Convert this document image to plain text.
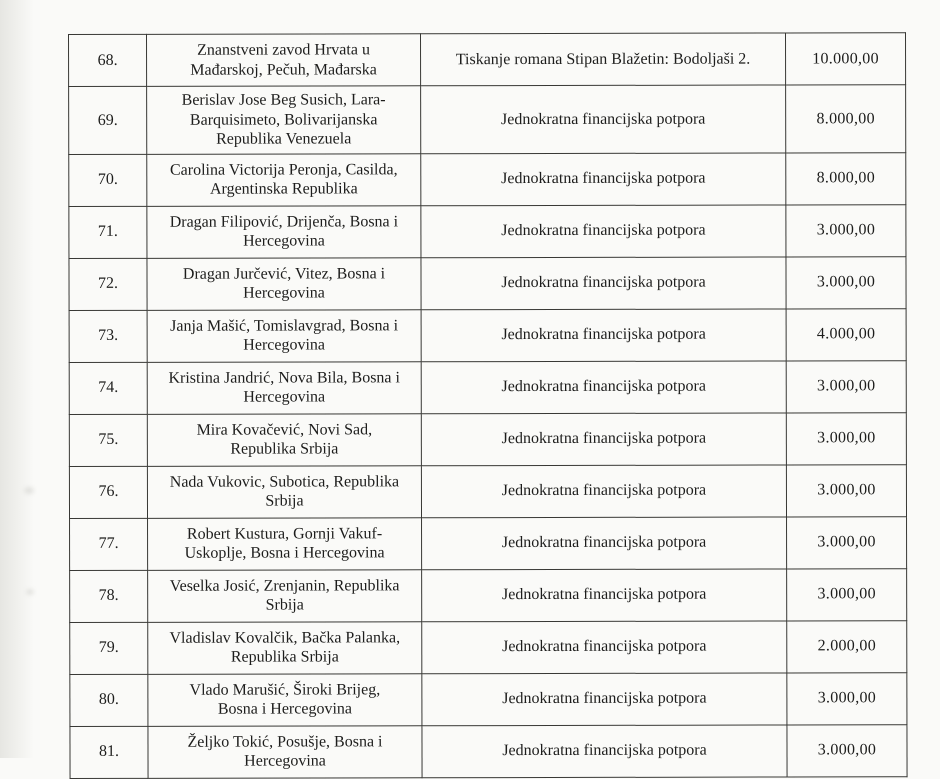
68.	Znanstveni zavod Hrvata u
Mađarskoj, Pečuh, Mađarska	Tiskanje romana Stipan Blažetin: Bodoljaši 2.	10.000,00
69.	Berislav Jose Beg Susich, Lara-
Barquisimeto, Bolivarijanska
Republika Venezuela	Jednokratna financijska potpora	8.000,00
70.	Carolina Victorija Peronja, Casilda,
Argentinska Republika	Jednokratna financijska potpora	8.000,00
71.	Dragan Filipović, Drijenča, Bosna i
Hercegovina	Jednokratna financijska potpora	3.000,00
72.	Dragan Jurčević, Vitez, Bosna i
Hercegovina	Jednokratna financijska potpora	3.000,00
73.	Janja Mašić, Tomislavgrad, Bosna i
Hercegovina	Jednokratna financijska potpora	4.000,00
74.	Kristina Jandrić, Nova Bila, Bosna i
Hercegovina	Jednokratna financijska potpora	3.000,00
75.	Mira Kovačević, Novi Sad,
Republika Srbija	Jednokratna financijska potpora	3.000,00
76.	Nada Vukovic, Subotica, Republika
Srbija	Jednokratna financijska potpora	3.000,00
77.	Robert Kustura, Gornji Vakuf-
Uskoplje, Bosna i Hercegovina	Jednokratna financijska potpora	3.000,00
78.	Veselka Josić, Zrenjanin, Republika
Srbija	Jednokratna financijska potpora	3.000,00
79.	Vladislav Kovalčik, Bačka Palanka,
Republika Srbija	Jednokratna financijska potpora	2.000,00
80.	Vlado Marušić, Široki Brijeg,
Bosna i Hercegovina	Jednokratna financijska potpora	3.000,00
81.	Željko Tokić, Posušje, Bosna i
Hercegovina	Jednokratna financijska potpora	3.000,00
